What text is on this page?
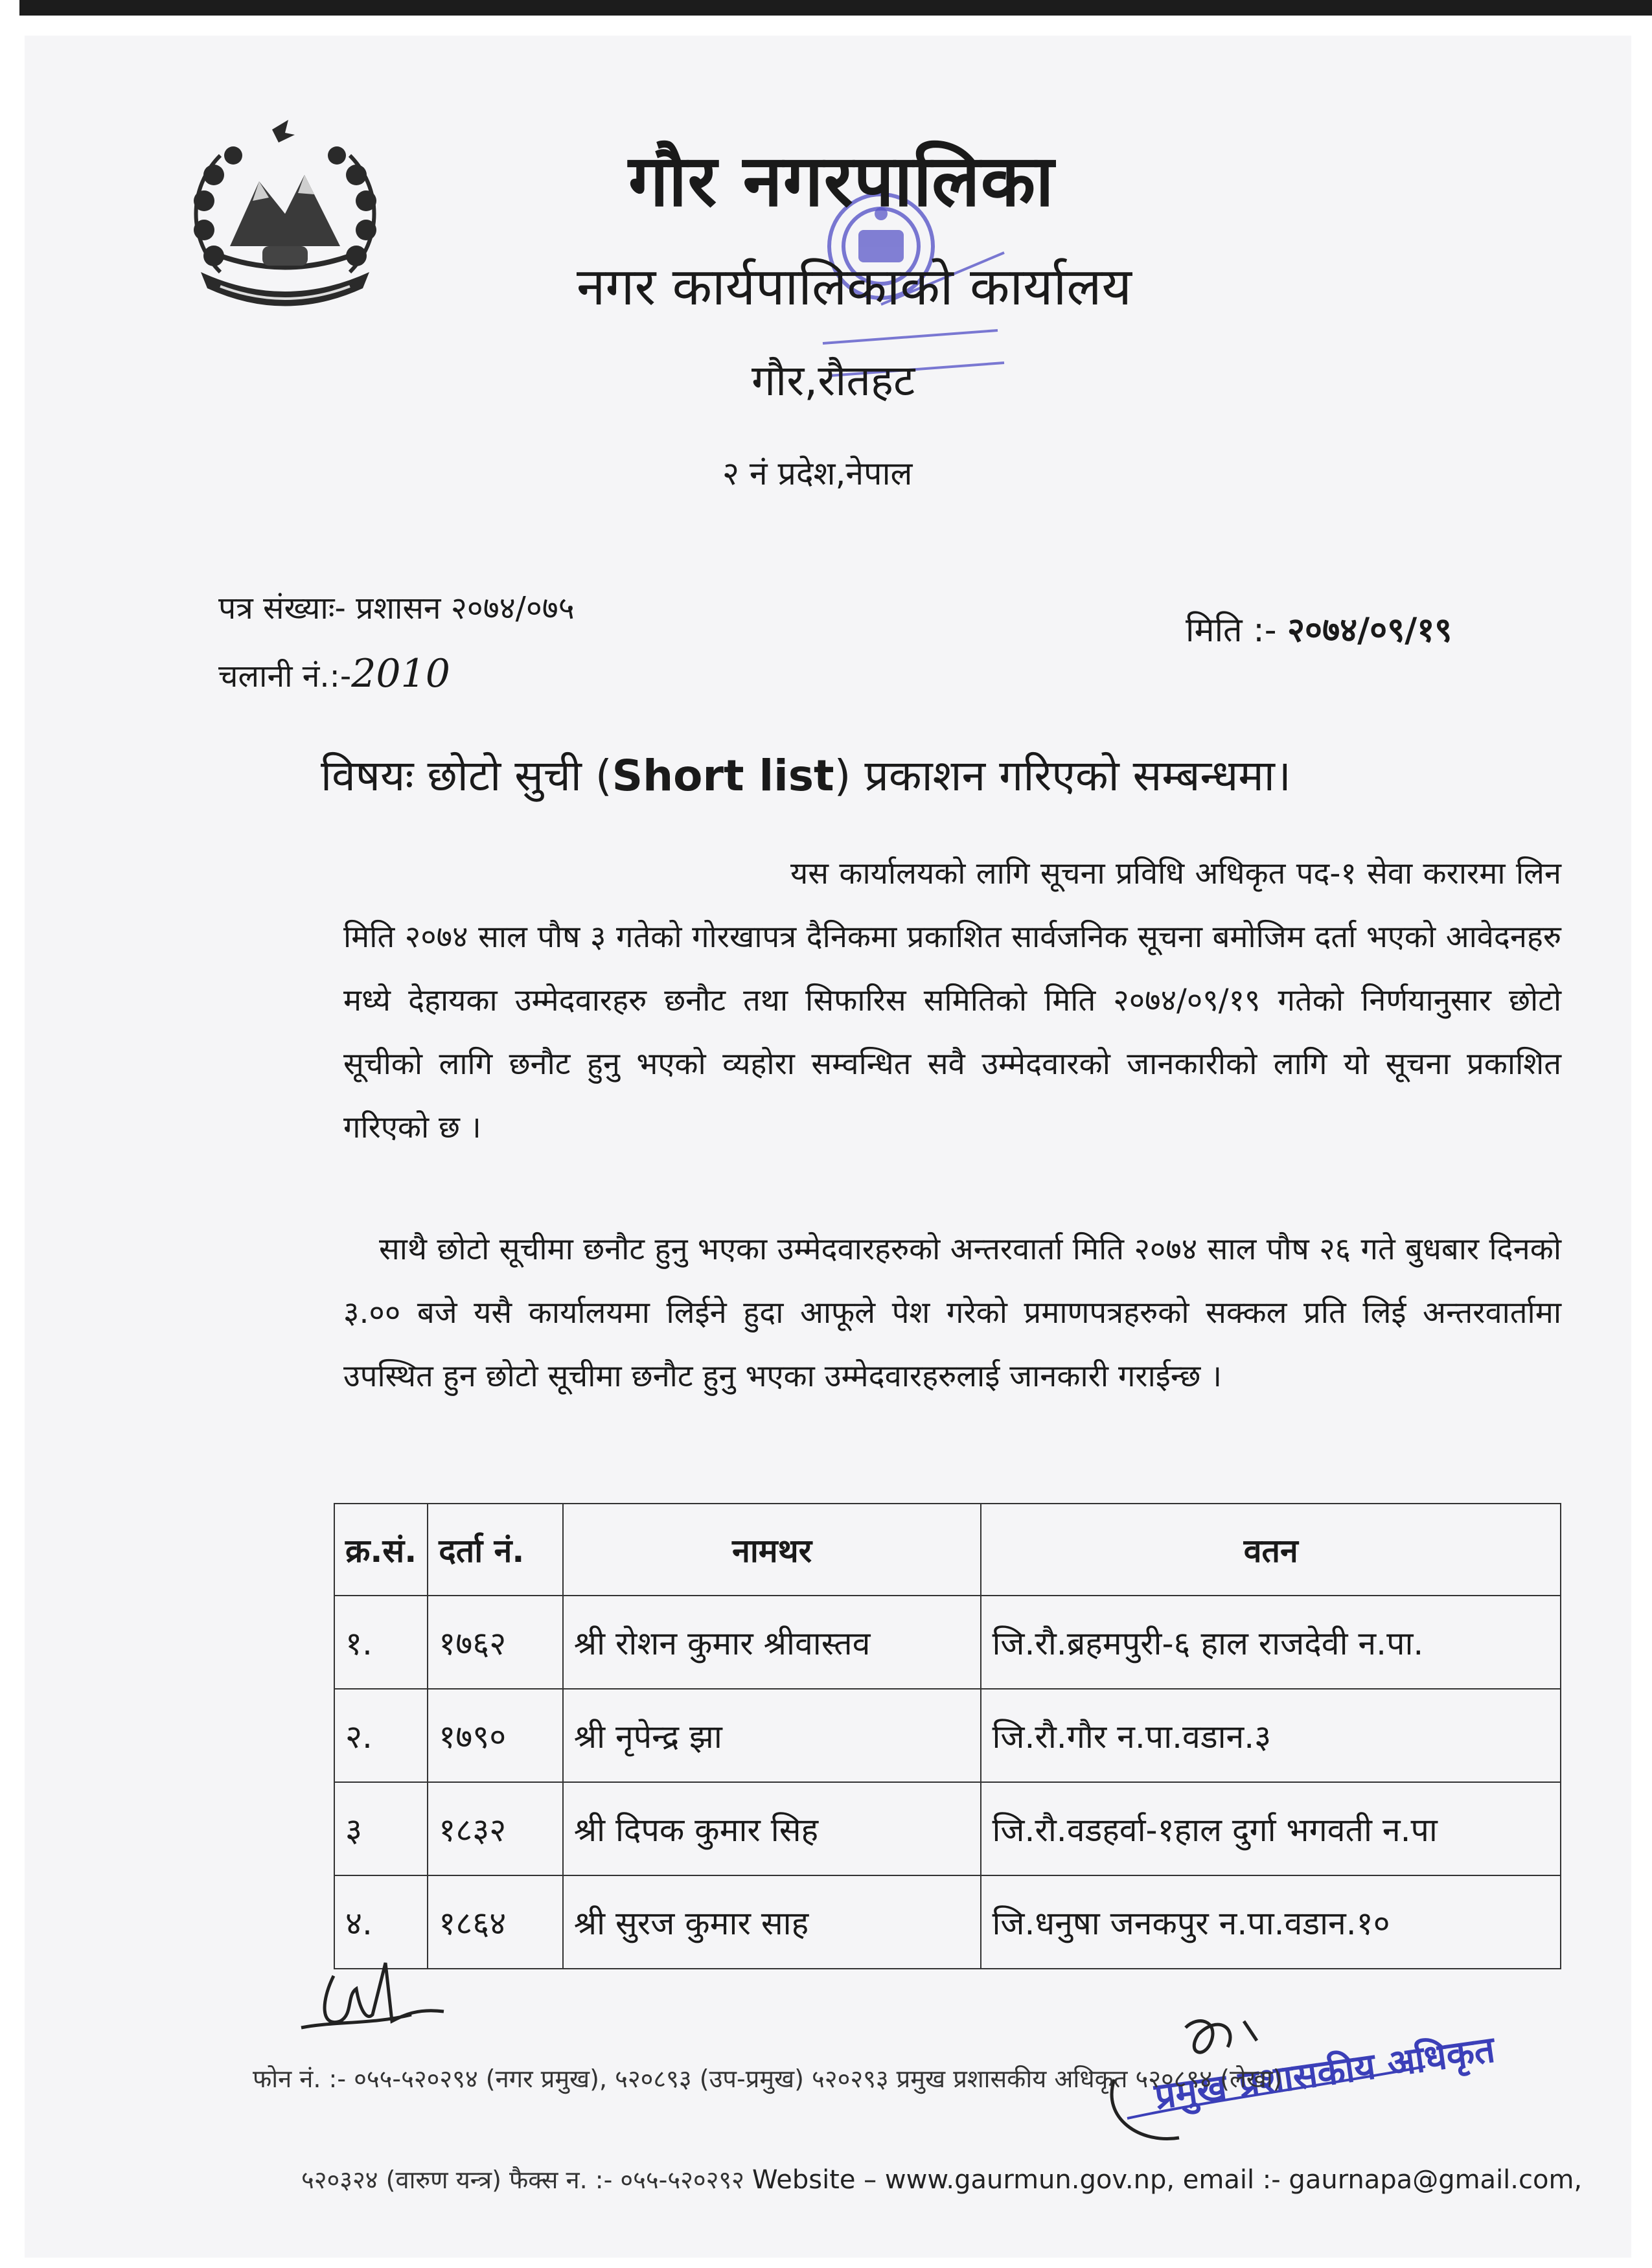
गौर नगरपालिका
नगर कार्यपालिकाको कार्यालय
गौर,रौतहट
२ नं प्रदेश,नेपाल
पत्र संख्याः- प्रशासन २०७४/०७५
मिति :- २०७४/०९/१९
चलानी नं.:-2010
विषयः छोटो सुची (Short list) प्रकाशन गरिएको सम्बन्धमा।
यस कार्यालयको लागि सूचना प्रविधि अधिकृत पद-१ सेवा करारमा लिन मिति २०७४ साल पौष ३ गतेको गोरखापत्र दैनिकमा प्रकाशित सार्वजनिक सूचना बमोजिम दर्ता भएको आवेदनहरु मध्ये देहायका उम्मेदवारहरु छनौट तथा सिफारिस समितिको मिति २०७४/०९/१९ गतेको निर्णयानुसार छोटो सूचीको लागि छनौट हुनु भएको व्यहोरा सम्वन्धित सवै उम्मेदवारको जानकारीको लागि यो सूचना प्रकाशित गरिएको छ ।
साथै छोटो सूचीमा छनौट हुनु भएका उम्मेदवारहरुको अन्तरवार्ता मिति २०७४ साल पौष २६ गते बुधबार दिनको ३.०० बजे यसै कार्यालयमा लिईने हुदा आफूले पेश गरेको प्रमाणपत्रहरुको सक्कल प्रति लिई अन्तरवार्तामा उपस्थित हुन छोटो सूचीमा छनौट हुनु भएका उम्मेदवारहरुलाई जानकारी गराईन्छ ।
क्र.सं.	दर्ता नं.	नामथर	वतन
१.	१७६२	श्री रोशन कुमार श्रीवास्तव	जि.रौ.ब्रहमपुरी-६ हाल राजदेवी न.पा.
२.	१७९०	श्री नृपेन्द्र झा	जि.रौ.गौर न.पा.वडान.३
३	१८३२	श्री दिपक कुमार सिह	जि.रौ.वडहर्वा-१हाल दुर्गा भगवती न.पा
४.	१८६४	श्री सुरज कुमार साह	जि.धनुषा जनकपुर न.पा.वडान.१०
प्रमुख प्रशासकीय अधिकृत
फोन नं. :- ०५५-५२०२९४ (नगर प्रमुख), ५२०८९३ (उप-प्रमुख) ५२०२९३ प्रमुख प्रशासकीय अधिकृत ५२०८९४ (लेखा)
५२०३२४ (वारुण यन्त्र) फैक्स न. :- ०५५-५२०२९२ Website – www.gaurmun.gov.np, email :- gaurnapa@gmail.com,
